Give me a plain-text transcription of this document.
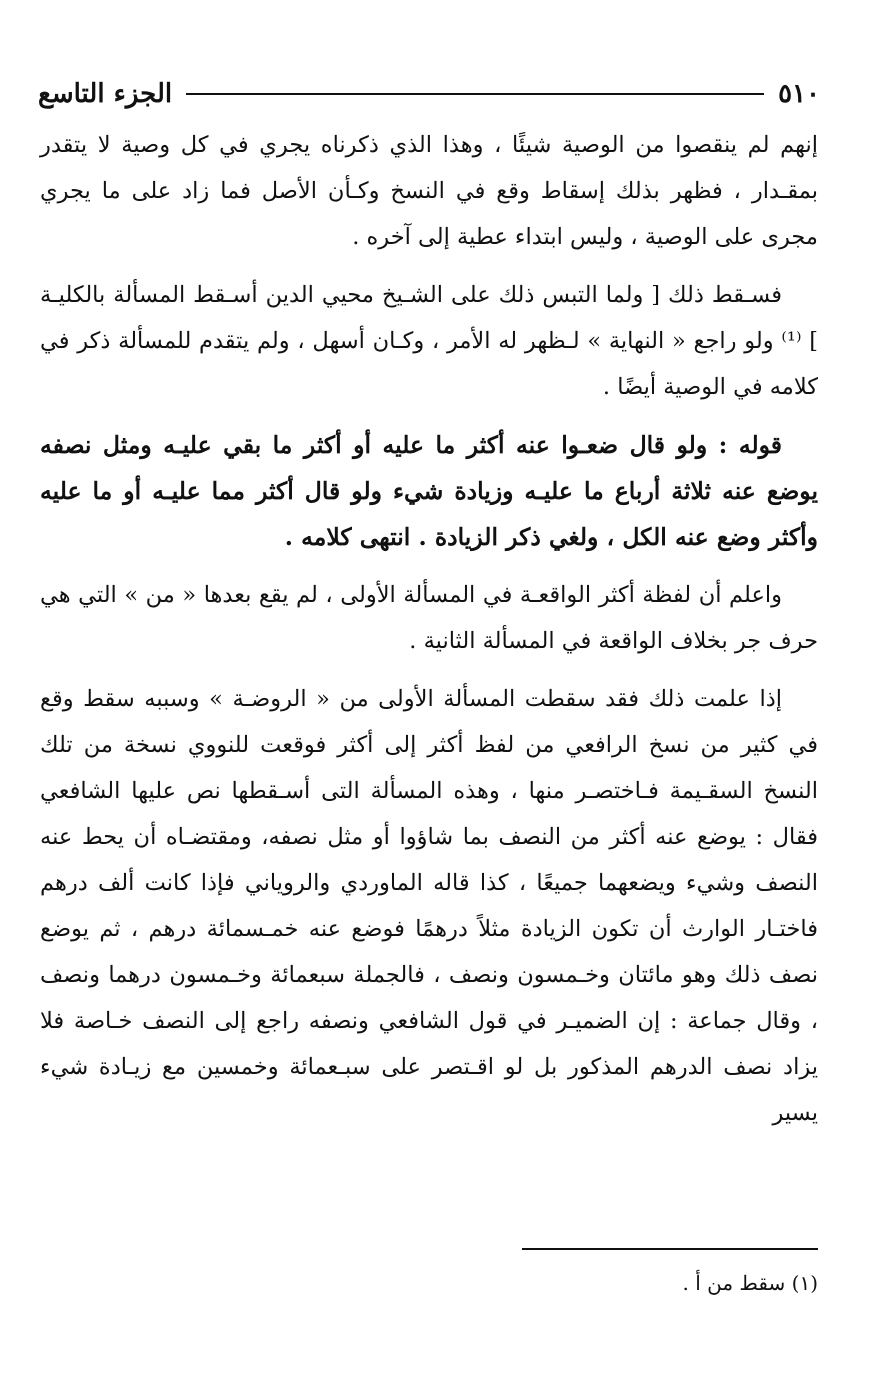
٥١٠
الجزء التاسع

إنهم لم ينقصوا من الوصية شيئًا ، وهذا الذي ذكرناه يجري في كل وصية لا يتقدر بمقـدار ، فظهر بذلك إسقاط وقع في النسخ وكـأن الأصل فما زاد على ما يجري مجرى على الوصية ، وليس ابتداء عطية إلى آخره .

فسـقط ذلك [ ولما التبس ذلك على الشـيخ محيي الدين أسـقط المسألة بالكليـة ] ⁽¹⁾ ولو راجع « النهاية » لـظهر له الأمر ، وكـان أسهل ، ولم يتقدم للمسألة ذكر في كلامه في الوصية أيضًا .

قوله : ولو قال ضعـوا عنه أكثر ما عليه أو أكثر ما بقي عليـه ومثل نصفه يوضع عنه ثلاثة أرباع ما عليـه وزيادة شيء ولو قال أكثر مما عليـه أو ما عليه وأكثر وضع عنه الكل ، ولغي ذكر الزيادة . انتهى كلامه .

واعلم أن لفظة أكثر الواقعـة في المسألة الأولى ، لم يقع بعدها « من » التي هي حرف جر بخلاف الواقعة في المسألة الثانية .

إذا علمت ذلك فقد سقطت المسألة الأولى من « الروضـة » وسببه سقط وقع في كثير من نسخ الرافعي من لفظ أكثر إلى أكثر فوقعت للنووي نسخة من تلك النسخ السقـيمة فـاختصـر منها ، وهذه المسألة التى أسـقطها نص عليها الشافعي فقال : يوضع عنه أكثر من النصف بما شاؤوا أو مثل نصفه، ومقتضـاه أن يحط عنه النصف وشيء ويضعهما جميعًا ، كذا قاله الماوردي والروياني فإذا كانت ألف درهم فاختـار الوارث أن تكون الزيادة مثلاً درهمًا فوضع عنه خمـسمائة درهم ، ثم يوضع نصف ذلك وهو مائتان وخـمسون ونصف ، فالجملة سبعمائة وخـمسون درهما ونصف ، وقال جماعة : إن الضميـر في قول الشافعي ونصفه راجع إلى النصف خـاصة فلا يزاد نصف الدرهم المذكور بل لو اقـتصر على سبـعمائة وخمسين مع زيـادة شيء يسير

(١) سقط من أ .
